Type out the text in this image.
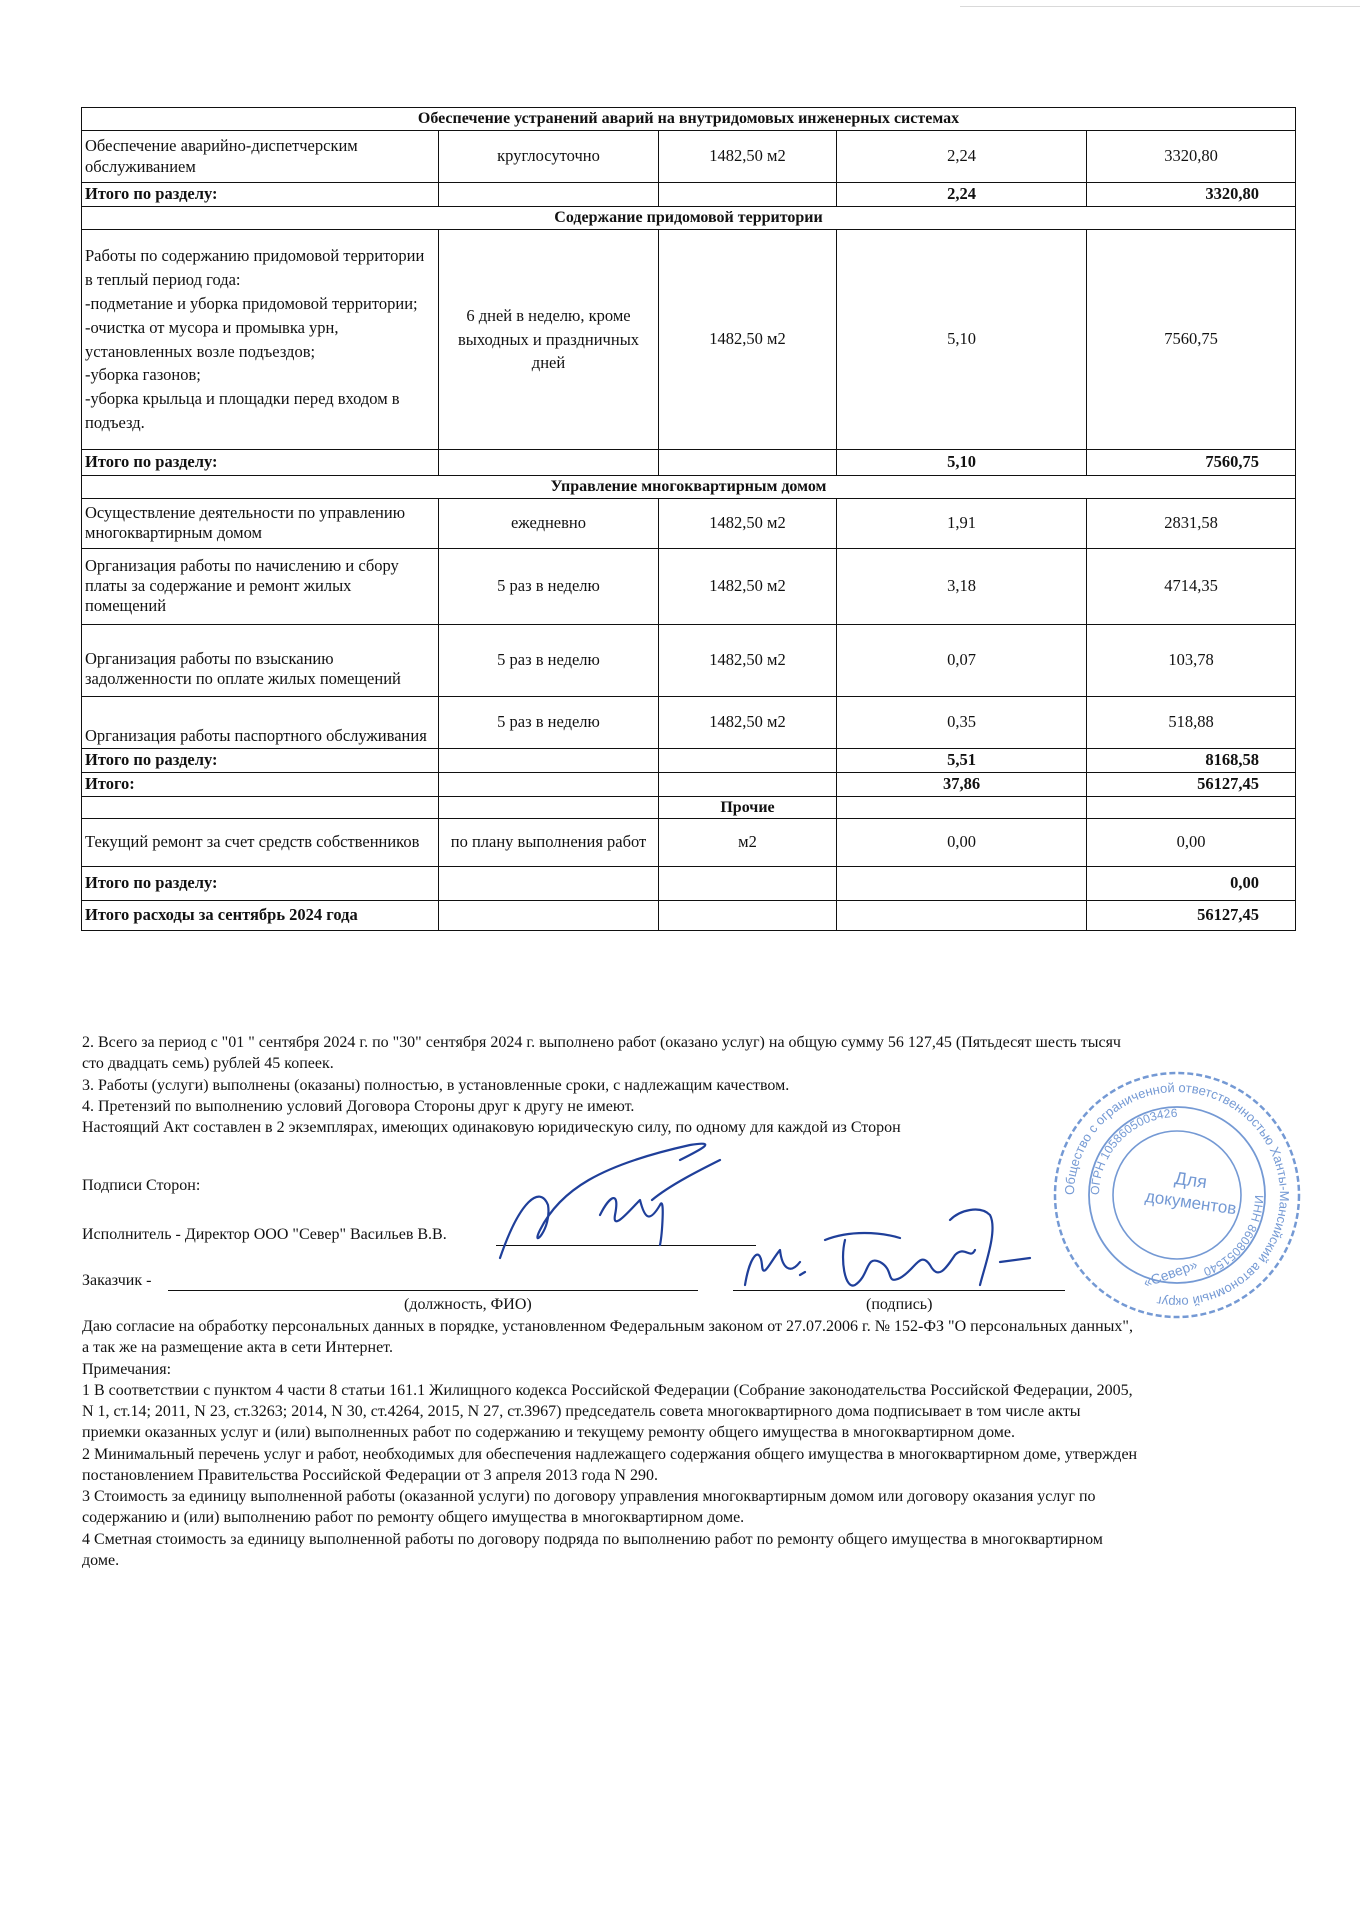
Обеспечение устранений аварий на внутридомовых инженерных системах				
Обеспечение аварийно-диспетчерским обслуживанием	круглосуточно	1482,50 м2	2,24	3320,80
Итого по разделу:			2,24	3320,80
Содержание придомовой территории				
Работы по содержанию придомовой территории в теплый период года:
-подметание и уборка придомовой территории;
-очистка от мусора и промывка урн, установленных возле подъездов;
-уборка газонов;
-уборка крыльца и площадки перед входом в подъезд.	6 дней в неделю, кроме выходных и праздничных дней	1482,50 м2	5,10	7560,75
Итого по разделу:			5,10	7560,75
Управление многоквартирным домом				
Осуществление деятельности по управлению многоквартирным домом	ежедневно	1482,50 м2	1,91	2831,58
Организация работы по начислению и сбору платы за содержание и ремонт жилых помещений	5 раз в неделю	1482,50 м2	3,18	4714,35
Организация работы по взысканию задолженности по оплате жилых помещений	5 раз в неделю	1482,50 м2	0,07	103,78
Организация работы паспортного обслуживания	5 раз в неделю	1482,50 м2	0,35	518,88
Итого по разделу:			5,51	8168,58
Итого:			37,86	56127,45
		Прочие		
Текущий ремонт за счет средств собственников	по плану выполнения работ	м2	0,00	0,00
Итого по разделу:				0,00
Итого расходы за сентябрь 2024 года				56127,45
2. Всего за период с "01 " сентября 2024 г. по "30" сентября 2024 г. выполнено работ (оказано услуг) на общую сумму 56 127,45 (Пятьдесят шесть тысяч
сто двадцать семь) рублей 45 копеек.
3. Работы (услуги) выполнены (оказаны) полностью, в установленные сроки, с надлежащим качеством.
4. Претензий по выполнению условий Договора Стороны друг к другу не имеют.
Настоящий Акт составлен в 2 экземплярах, имеющих одинаковую юридическую силу, по одному для каждой из Сторон
Подписи Сторон:
Исполнитель - Директор ООО "Север" Васильев В.В.
Заказчик -
(должность, ФИО)	(подпись)
Даю согласие на обработку персональных данных в порядке, установленном Федеральным законом от 27.07.2006 г. № 152-ФЗ "О персональных данных",
а так же на размещение акта в сети Интернет.
Примечания:
1 В соответствии с пунктом 4 части 8 статьи 161.1 Жилищного кодекса Российской Федерации (Собрание законодательства Российской Федерации, 2005,
N 1, ст.14; 2011, N 23, ст.3263; 2014, N 30, ст.4264, 2015, N 27, ст.3967) председатель совета многоквартирного дома подписывает в том числе акты
приемки оказанных услуг и (или) выполненных работ по содержанию и текущему ремонту общего имущества в многоквартирном доме.
2 Минимальный перечень услуг и работ, необходимых для обеспечения надлежащего содержания общего имущества в многоквартирном доме, утвержден
постановлением Правительства Российской Федерации от 3 апреля 2013 года N 290.
3 Стоимость за единицу выполненной работы (оказанной услуги) по договору управления многоквартирным домом или договору оказания услуг по
содержанию и (или) выполнению работ по ремонту общего имущества в многоквартирном доме.
4 Сметная стоимость за единицу выполненной работы по договору подряда по выполнению работ по ремонту общего имущества в многоквартирном
доме.
Общество с ограниченной ответственностью Ханты-Мансийский автономный округ
ОГРН 1058605003426
ИНН 8608051540
Для
документов
«Север»
